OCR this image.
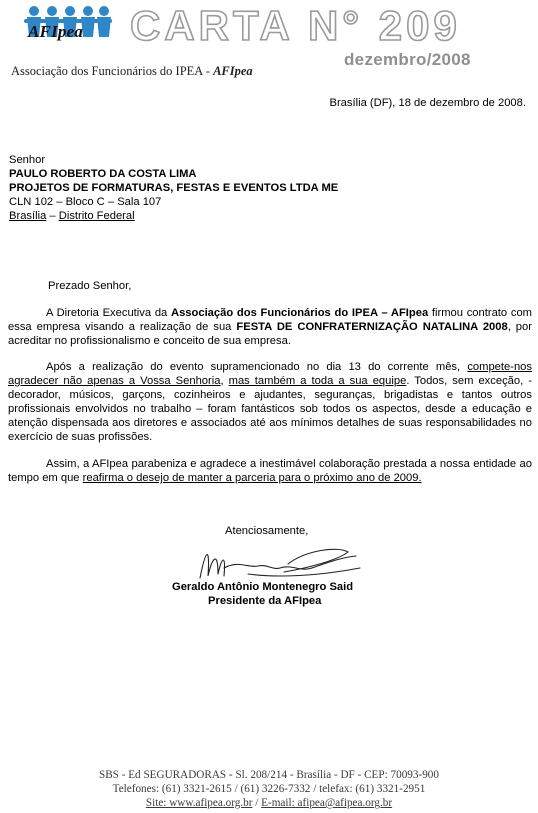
AFIpea
Associação dos Funcionários do IPEA - AFIpea
CARTA N° 209
dezembro/2008
Brasília (DF), 18 de dezembro de 2008.
Senhor
PAULO ROBERTO DA COSTA LIMA
PROJETOS DE FORMATURAS, FESTAS E EVENTOS LTDA ME
CLN 102 – Bloco C – Sala 107
Brasília – Distrito Federal
Prezado Senhor,
A Diretoria Executiva da Associação dos Funcionários do IPEA – AFIpea firmou contrato com essa empresa visando a realização de sua FESTA DE CONFRATERNIZAÇÃO NATALINA 2008, por acreditar no profissionalismo e conceito de sua empresa.
Após a realização do evento supramencionado no dia 13 do corrente mês, compete-nos agradecer não apenas a Vossa Senhoria, mas também a toda a sua equipe. Todos, sem exceção, - decorador, músicos, garçons, cozinheiros e ajudantes, seguranças, brigadistas e tantos outros profissionais envolvidos no trabalho – foram fantásticos sob todos os aspectos, desde a educação e atenção dispensada aos diretores e associados até aos mínimos detalhes de suas responsabilidades no exercício de suas profissões.
Assim, a AFIpea parabeniza e agradece a inestimável colaboração prestada a nossa entidade ao tempo em que reafirma o desejo de manter a parceria para o próximo ano de 2009.
Atenciosamente,
Geraldo Antônio Montenegro Said
Presidente da AFIpea
SBS - Ed SEGURADORAS - Sl. 208/214 - Brasília - DF - CEP: 70093-900
Telefones: (61) 3321-2615 / (61) 3226-7332 / telefax: (61) 3321-2951
Site: www.afipea.org.br / E-mail: afipea@afipea.org.br
